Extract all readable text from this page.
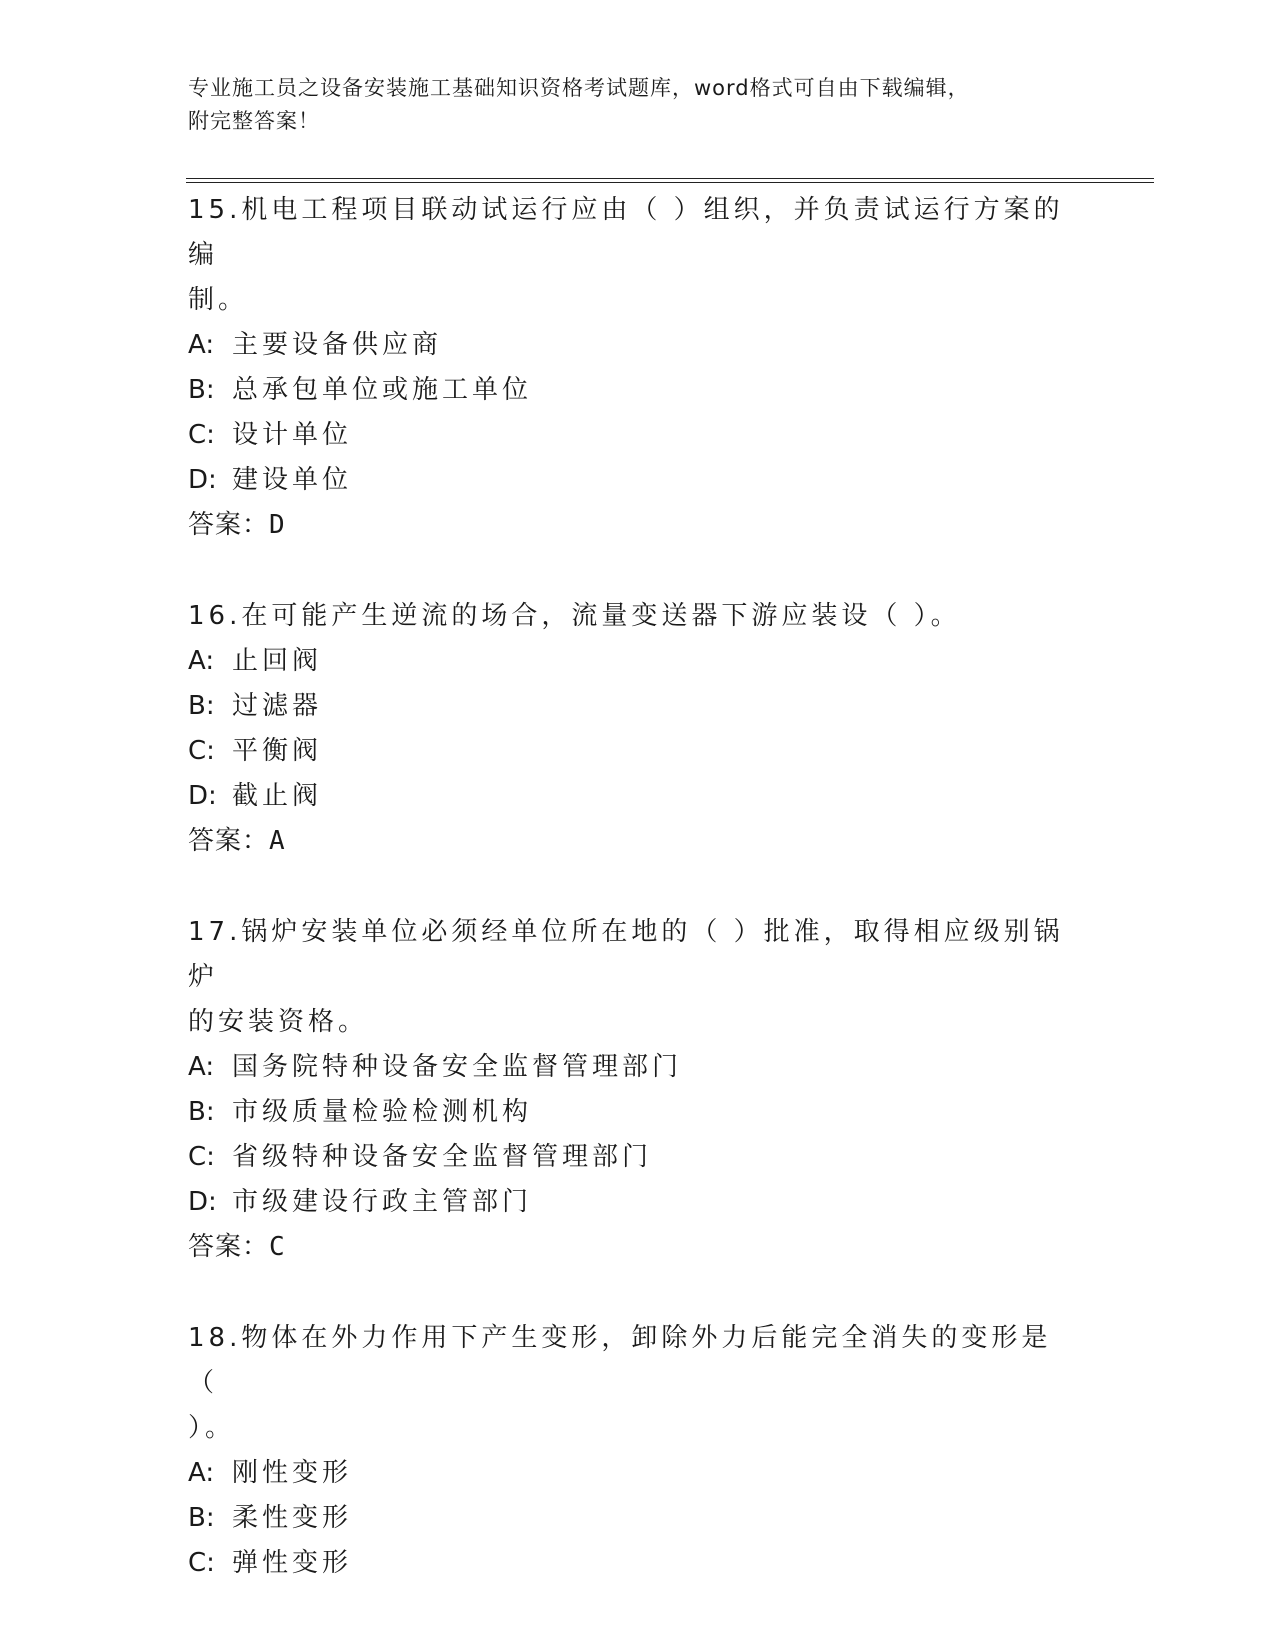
专业施工员之设备安装施工基础知识资格考试题库，word格式可自由下载编辑，
附完整答案！

15.机电工程项目联动试运行应由（ ）组织，并负责试运行方案的编

制。

A: 主要设备供应商

B: 总承包单位或施工单位

C: 设计单位

D: 建设单位

答案：D

16.在可能产生逆流的场合，流量变送器下游应装设（ ）。

A: 止回阀

B: 过滤器

C: 平衡阀

D: 截止阀

答案：A

17.锅炉安装单位必须经单位所在地的（ ）批准，取得相应级别锅炉

的安装资格。

A: 国务院特种设备安全监督管理部门

B: 市级质量检验检测机构

C: 省级特种设备安全监督管理部门

D: 市级建设行政主管部门

答案：C

18.物体在外力作用下产生变形，卸除外力后能完全消失的变形是（

）。

A: 刚性变形

B: 柔性变形

C: 弹性变形
